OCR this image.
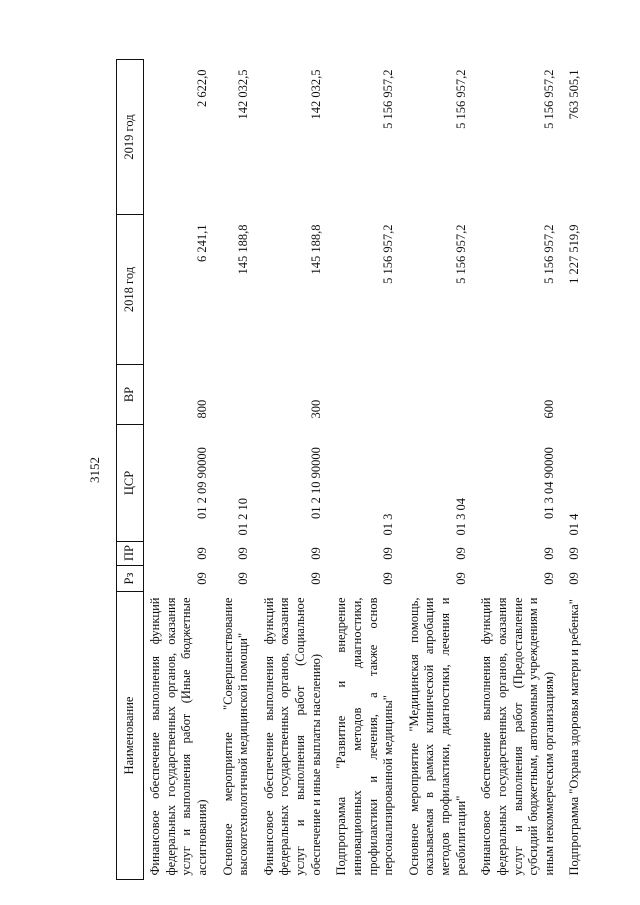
3152
Наименование	Рз	ПР	ЦСР	ВР	2018 год	2019 год
Финансовое обеспечение выполнения функций федеральных государственных органов, оказания услуг и выполнения работ (Иные бюджетные ассигнования)	09	09	01 2 09 90000	800	6 241,1	2 622,0
Основное мероприятие "Совершенствование высокотехнологичной медицинской помощи"	09	09	01 2 10		145 188,8	142 032,5
Финансовое обеспечение выполнения функций федеральных государственных органов, оказания услуг и выполнения работ (Социальное обеспечение и иные выплаты населению)	09	09	01 2 10 90000	300	145 188,8	142 032,5
Подпрограмма "Развитие и внедрение инновационных методов диагностики, профилактики и лечения, а также основ персонализированной медицины"	09	09	01 3		5 156 957,2	5 156 957,2
Основное мероприятие "Медицинская помощь, оказываемая в рамках клинической апробации методов профилактики, диагностики, лечения и реабилитации"	09	09	01 3 04		5 156 957,2	5 156 957,2
Финансовое обеспечение выполнения функций федеральных государственных органов, оказания услуг и выполнения работ (Предоставление субсидий бюджетным, автономным учреждениям и иным некоммерческим организациям)	09	09	01 3 04 90000	600	5 156 957,2	5 156 957,2
Подпрограмма "Охрана здоровья матери и ребенка"	09	09	01 4		1 227 519,9	763 505,1
